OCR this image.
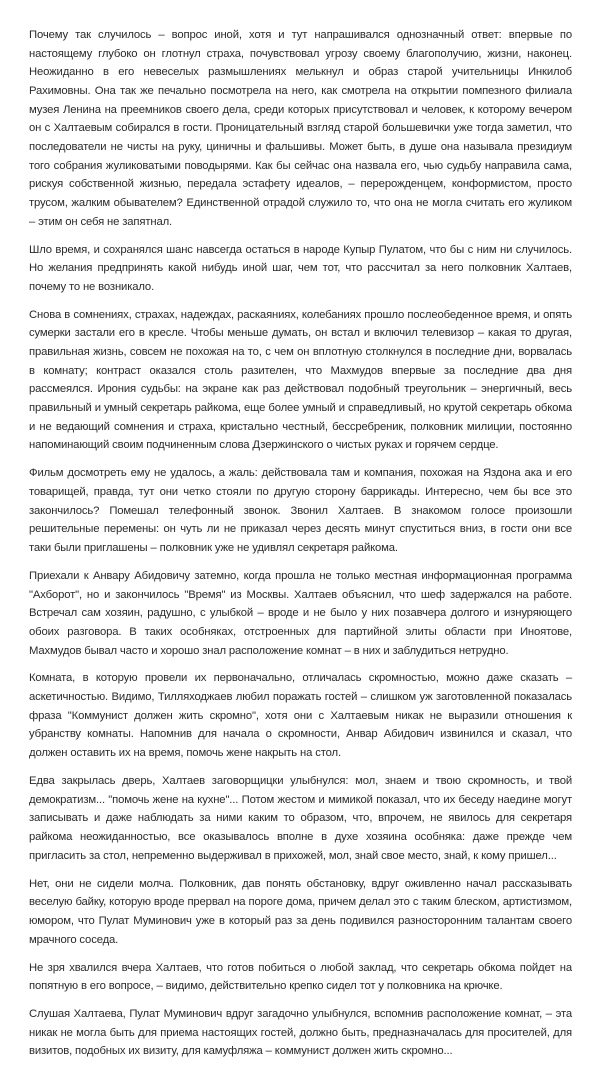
Почему так случилось – вопрос иной, хотя и тут напрашивался однозначный ответ: впервые по настоящему глубоко он глотнул страха, почувствовал угрозу своему благополучию, жизни, наконец. Неожиданно в его невеселых размышлениях мелькнул и образ старой учительницы Инкилоб Рахимовны. Она так же печально посмотрела на него, как смотрела на открытии помпезного филиала музея Ленина на преемников своего дела, среди которых присутствовал и человек, к которому вечером он с Халтаевым собирался в гости. Проницательный взгляд старой большевички уже тогда заметил, что последователи не чисты на руку, циничны и фальшивы. Может быть, в душе она называла президиум того собрания жуликоватыми поводырями. Как бы сейчас она назвала его, чью судьбу направила сама, рискуя собственной жизнью, передала эстафету идеалов, – перерожденцем, конформистом, просто трусом, жалким обывателем? Единственной отрадой служило то, что она не могла считать его жуликом – этим он себя не запятнал.

Шло время, и сохранялся шанс навсегда остаться в народе Купыр Пулатом, что бы с ним ни случилось. Но желания предпринять какой нибудь иной шаг, чем тот, что рассчитал за него полковник Халтаев, почему то не возникало.

Снова в сомнениях, страхах, надеждах, раскаяниях, колебаниях прошло послеобеденное время, и опять сумерки застали его в кресле. Чтобы меньше думать, он встал и включил телевизор – какая то другая, правильная жизнь, совсем не похожая на то, с чем он вплотную столкнулся в последние дни, ворвалась в комнату; контраст оказался столь разителен, что Махмудов впервые за последние два дня рассмеялся. Ирония судьбы: на экране как раз действовал подобный треугольник – энергичный, весь правильный и умный секретарь райкома, еще более умный и справедливый, но крутой секретарь обкома и не ведающий сомнения и страха, кристально честный, бессребреник, полковник милиции, постоянно напоминающий своим подчиненным слова Дзержинского о чистых руках и горячем сердце.

Фильм досмотреть ему не удалось, а жаль: действовала там и компания, похожая на Яздона ака и его товарищей, правда, тут они четко стояли по другую сторону баррикады. Интересно, чем бы все это закончилось? Помешал телефонный звонок. Звонил Халтаев. В знакомом голосе произошли решительные перемены: он чуть ли не приказал через десять минут спуститься вниз, в гости они все таки были приглашены – полковник уже не удивлял секретаря райкома.

Приехали к Анвару Абидовичу затемно, когда прошла не только местная информационная программа "Ахборот", но и закончилось "Время" из Москвы. Халтаев объяснил, что шеф задержался на работе. Встречал сам хозяин, радушно, с улыбкой – вроде и не было у них позавчера долгого и изнуряющего обоих разговора. В таких особняках, отстроенных для партийной элиты области при Иноятове, Махмудов бывал часто и хорошо знал расположение комнат – в них и заблудиться нетрудно.

Комната, в которую провели их первоначально, отличалась скромностью, можно даже сказать – аскетичностью. Видимо, Тилляходжаев любил поражать гостей – слишком уж заготовленной показалась фраза "Коммунист должен жить скромно", хотя они с Халтаевым никак не выразили отношения к убранству комнаты. Напомнив для начала о скромности, Анвар Абидович извинился и сказал, что должен оставить их на время, помочь жене накрыть на стол.

Едва закрылась дверь, Халтаев заговорщицки улыбнулся: мол, знаем и твою скромность, и твой демократизм... "помочь жене на кухне"... Потом жестом и мимикой показал, что их беседу наедине могут записывать и даже наблюдать за ними каким то образом, что, впрочем, не явилось для секретаря райкома неожиданностью, все оказывалось вполне в духе хозяина особняка: даже прежде чем пригласить за стол, непременно выдерживал в прихожей, мол, знай свое место, знай, к кому пришел...

Нет, они не сидели молча. Полковник, дав понять обстановку, вдруг оживленно начал рассказывать веселую байку, которую вроде прервал на пороге дома, причем делал это с таким блеском, артистизмом, юмором, что Пулат Муминович уже в который раз за день подивился разносторонним талантам своего мрачного соседа.

Не зря хвалился вчера Халтаев, что готов побиться о любой заклад, что секретарь обкома пойдет на попятную в его вопросе, – видимо, действительно крепко сидел тот у полковника на крючке.

Слушая Халтаева, Пулат Муминович вдруг загадочно улыбнулся, вспомнив расположение комнат, – эта никак не могла быть для приема настоящих гостей, должно быть, предназначалась для просителей, для визитов, подобных их визиту, для камуфляжа – коммунист должен жить скромно...
